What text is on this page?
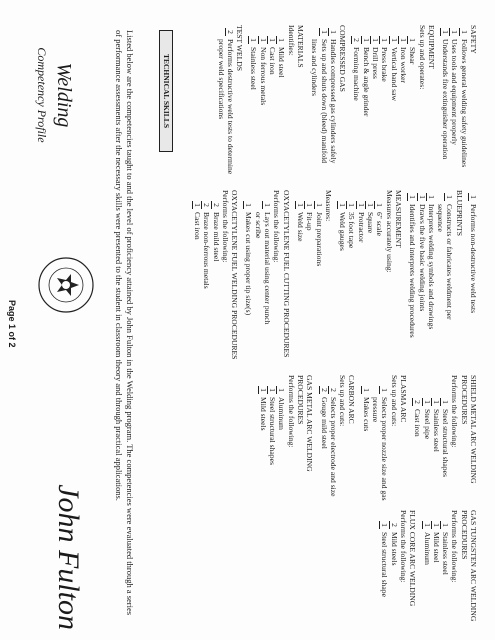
Welding
Competency Profile
John Fulton	Listed below are the competencies taught to and the level of proficiency attained by John Fulton in the Welding program. The competencies were evaluated through a series of performance assessments after the necessary skills were presented to the student in classroom theory and through practical applications.	TECHNICAL SKILLS
SAFETY
1
Follows general welding safety guidelines
1
Uses tools and equipment properly
1
Understands fire extinguisher operation
EQUIPMENT
Sets up and operates:
1
Shear
1
Iron worker
1
Vertical band saw
1
Press brake
1
Drill press
1
Bench & angle grinder
2
Forming machine
COMPRESSED GAS
1
Handles compressed gas cylinders safely
1
Sets up and shuts down (bleed) manifold
lines and cylinders
MATERIALS
Identifies:
1
Mild steel
1
Cast iron
1
Non ferrous metals
1
Stainless steel
TEST WELDS
2
Performs destructive weld tests to determine
proper weld specifications
1
Performs non-destructive weld tests
BLUEPRINTS
1
Constructs or fabricates weldment per
sequence
1
Interprets welding symbols and drawings
1
Draws the five basic welding joints
1
Identifies and interprets welding procedures
MEASUREMENT
Measures accurately using:
1
6" scale
1
Square
1
Protractor
1
35 foot tape
1
Weld gauges
Measures:
1
Joint preparations
1
Fit-up
1
Weld size
OXYACETYLENE FUEL CUTTING PROCEDURES
Performs the following:
1
Lays out material using center punch
or scribe
1
Makes cut using proper tip size(s)
OXYACETYLENE FUEL WELDING PROCEDURES
Performs the following:
2
Braze mild steel
2
Braze non-ferrous metals
1
Cast iron
SHIELD METAL ARC WELDING PROCEDURES
Performs the following:
1
Steel structural shapes
1
Stainless steel
1
Steel pipe
2
Cast iron
PLASMA ARC
Sets up and cuts:
1
Selects proper nozzle size and gas
pressure
1
Makes cuts
CARBON ARC
Sets up and cuts:
2
Selects proper electrode and size
2
Gouge mild steel
GAS METAL ARC WELDING PROCEDURES
Performs the following:
1
Aluminum
1
Steel structural shapes
1
Mild steels
GAS TUNGSTEN ARC WELDING PROCEDURES
Performs the following:
1
Stainless steel
1
Mild steel
1
Aluminum
FLUX CORE ARC WELDING
Performs the following:
2
Mild steels
1
Steel structural shape
Page 1 of 2
